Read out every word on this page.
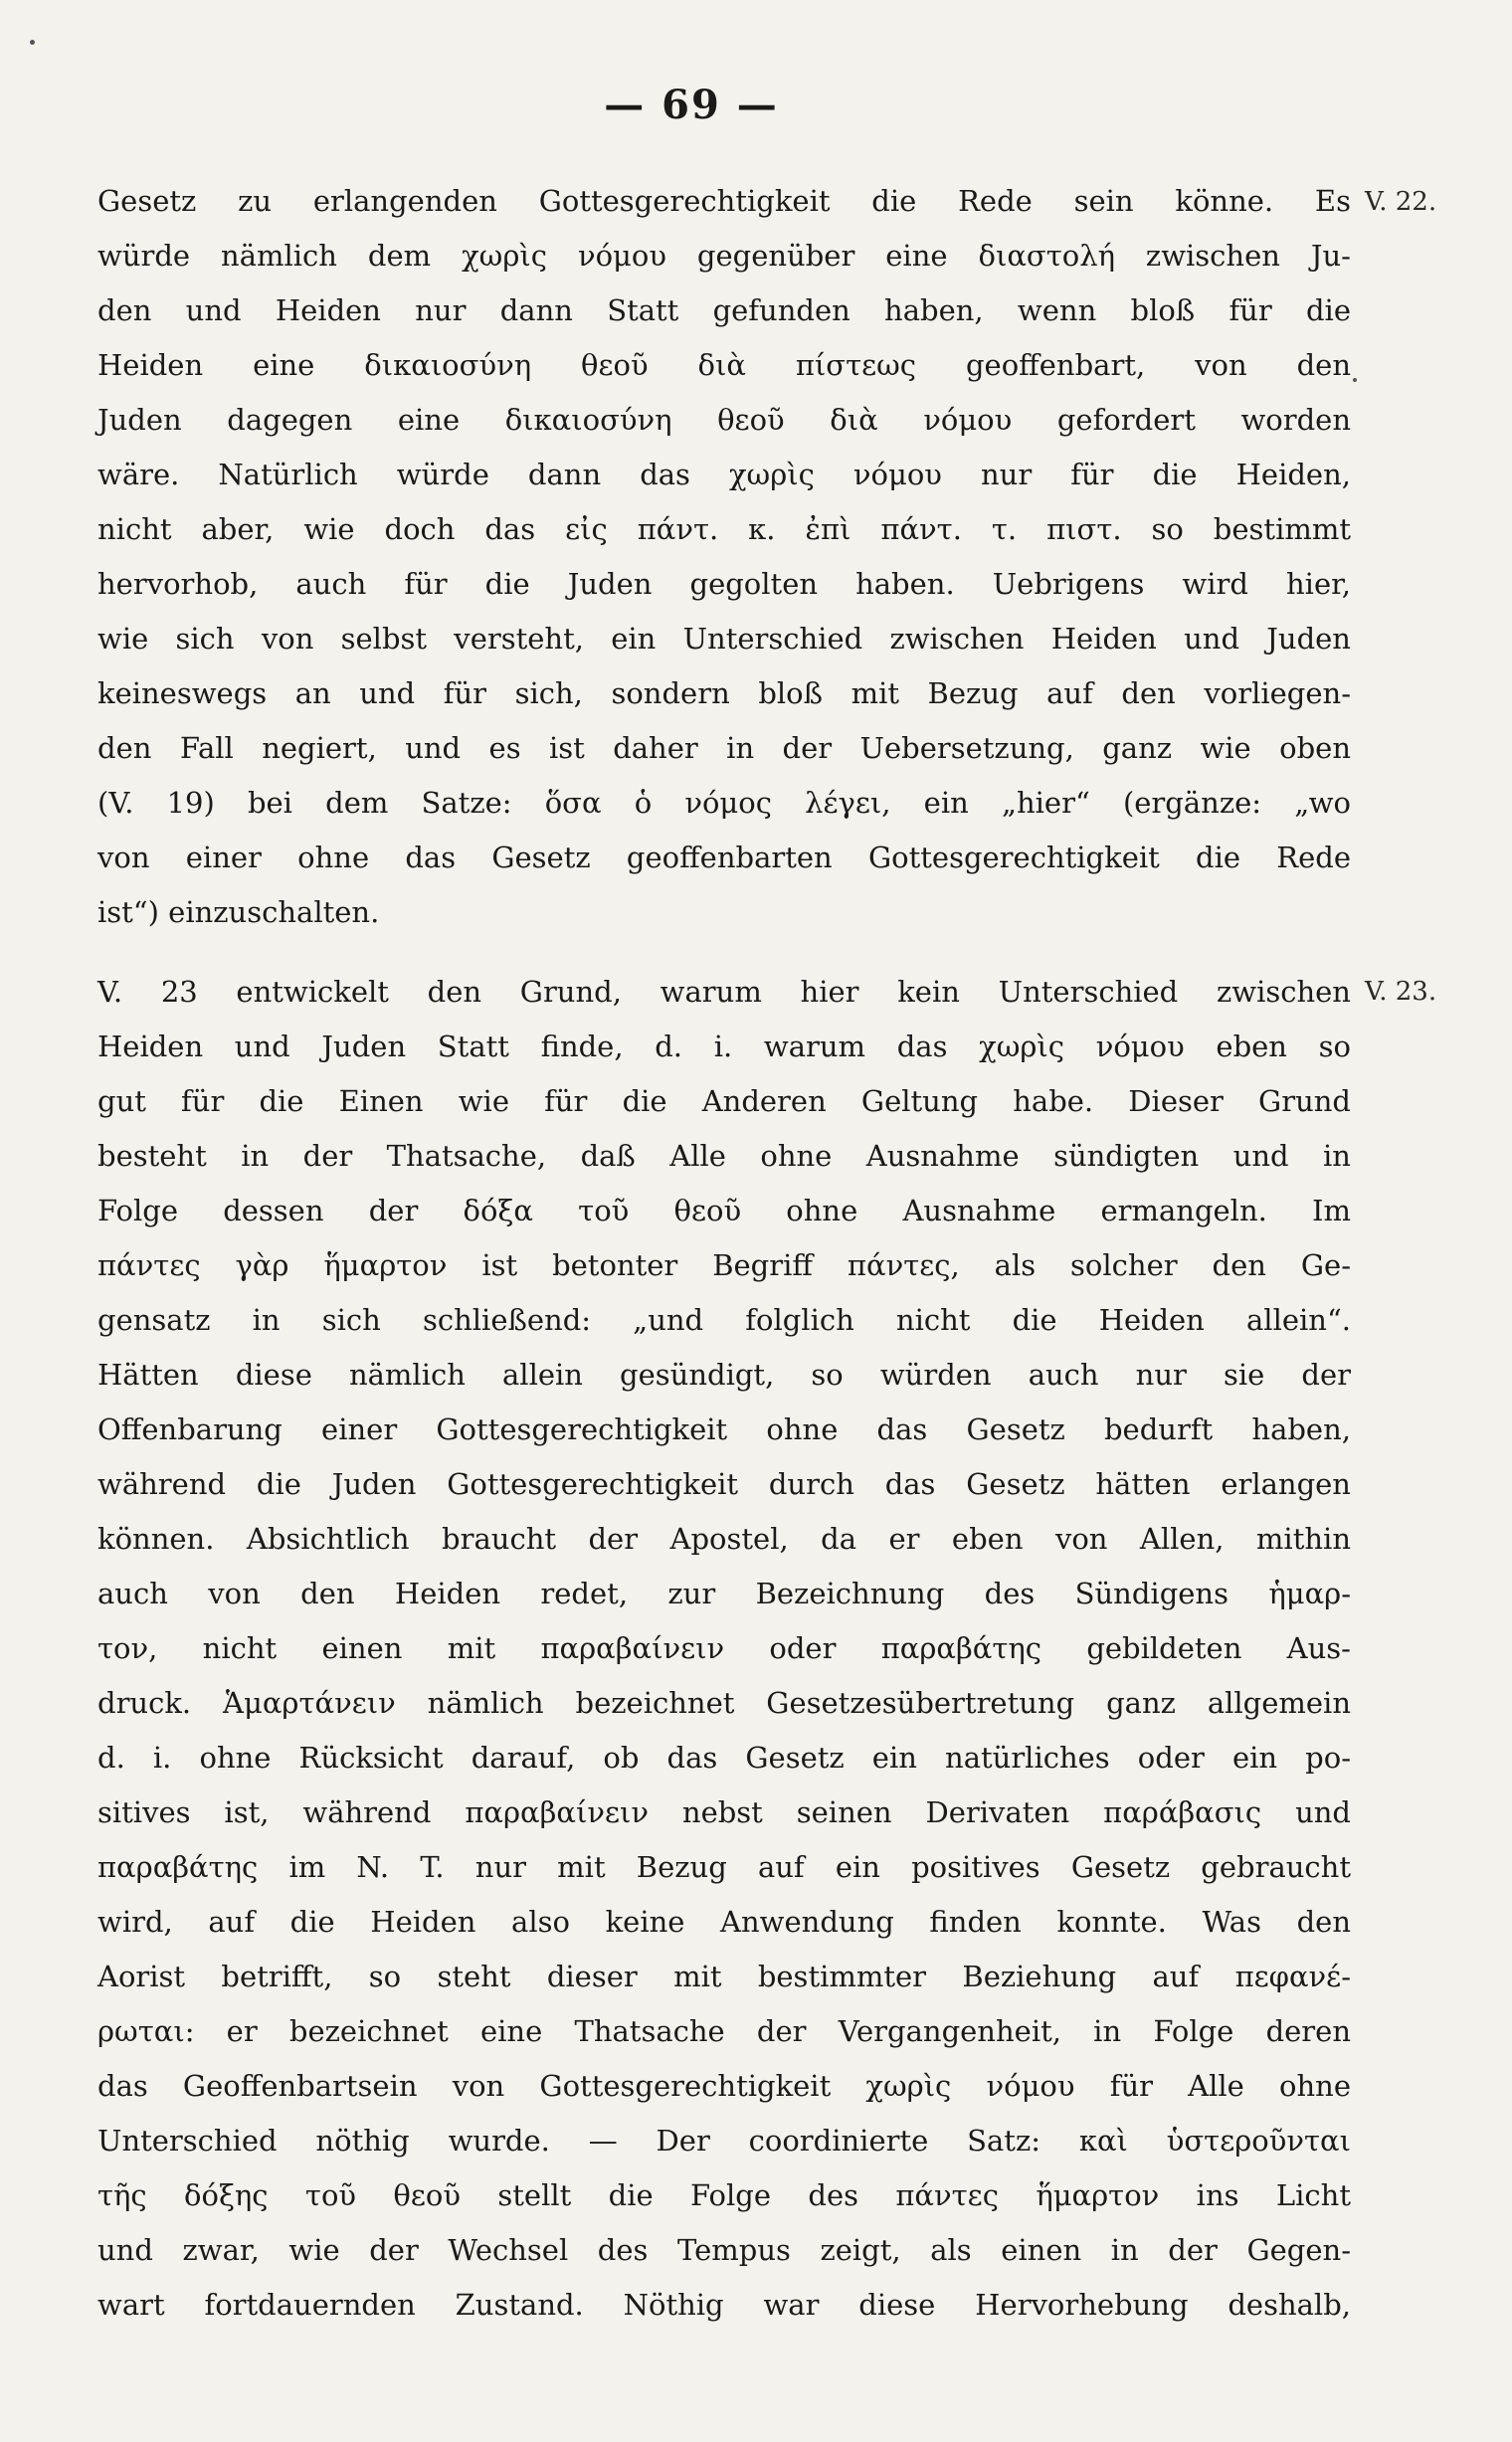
— 69 —
V. 22.
V. 23.
Gesetz zu erlangenden Gottesgerechtigkeit die Rede sein könne. Es
würde nämlich dem χωρὶς νόμου gegenüber eine διαστολή zwischen Ju-
den und Heiden nur dann Statt gefunden haben, wenn bloß für die
Heiden eine δικαιοσύνη θεοῦ διὰ πίστεως geoffenbart, von den
Juden dagegen eine δικαιοσύνη θεοῦ διὰ νόμου gefordert worden
wäre. Natürlich würde dann das χωρὶς νόμου nur für die Heiden,
nicht aber, wie doch das εἰς πάντ. κ. ἐπὶ πάντ. τ. πιστ. so bestimmt
hervorhob, auch für die Juden gegolten haben. Uebrigens wird hier,
wie sich von selbst versteht, ein Unterschied zwischen Heiden und Juden
keineswegs an und für sich, sondern bloß mit Bezug auf den vorliegen-
den Fall negiert, und es ist daher in der Uebersetzung, ganz wie oben
(V. 19) bei dem Satze: ὅσα ὁ νόμος λέγει, ein „hier“ (ergänze: „wo
von einer ohne das Gesetz geoffenbarten Gottesgerechtigkeit die Rede
ist“) einzuschalten.
V. 23 entwickelt den Grund, warum hier kein Unterschied zwischen
Heiden und Juden Statt finde, d. i. warum das χωρὶς νόμου eben so
gut für die Einen wie für die Anderen Geltung habe. Dieser Grund
besteht in der Thatsache, daß Alle ohne Ausnahme sündigten und in
Folge dessen der δόξα τοῦ θεοῦ ohne Ausnahme ermangeln. Im
πάντες γὰρ ἥμαρτον ist betonter Begriff πάντες, als solcher den Ge-
gensatz in sich schließend: „und folglich nicht die Heiden allein“.
Hätten diese nämlich allein gesündigt, so würden auch nur sie der
Offenbarung einer Gottesgerechtigkeit ohne das Gesetz bedurft haben,
während die Juden Gottesgerechtigkeit durch das Gesetz hätten erlangen
können. Absichtlich braucht der Apostel, da er eben von Allen, mithin
auch von den Heiden redet, zur Bezeichnung des Sündigens ἡμαρ-
τον, nicht einen mit παραβαίνειν oder παραβάτης gebildeten Aus-
druck. Ἁμαρτάνειν nämlich bezeichnet Gesetzesübertretung ganz allgemein
d. i. ohne Rücksicht darauf, ob das Gesetz ein natürliches oder ein po-
sitives ist, während παραβαίνειν nebst seinen Derivaten παράβασις und
παραβάτης im N. T. nur mit Bezug auf ein positives Gesetz gebraucht
wird, auf die Heiden also keine Anwendung finden konnte. Was den
Aorist betrifft, so steht dieser mit bestimmter Beziehung auf πεφανέ-
ρωται: er bezeichnet eine Thatsache der Vergangenheit, in Folge deren
das Geoffenbartsein von Gottesgerechtigkeit χωρὶς νόμου für Alle ohne
Unterschied nöthig wurde. — Der coordinierte Satz: καὶ ὑστεροῦνται
τῆς δόξης τοῦ θεοῦ stellt die Folge des πάντες ἥμαρτον ins Licht
und zwar, wie der Wechsel des Tempus zeigt, als einen in der Gegen-
wart fortdauernden Zustand. Nöthig war diese Hervorhebung deshalb,
